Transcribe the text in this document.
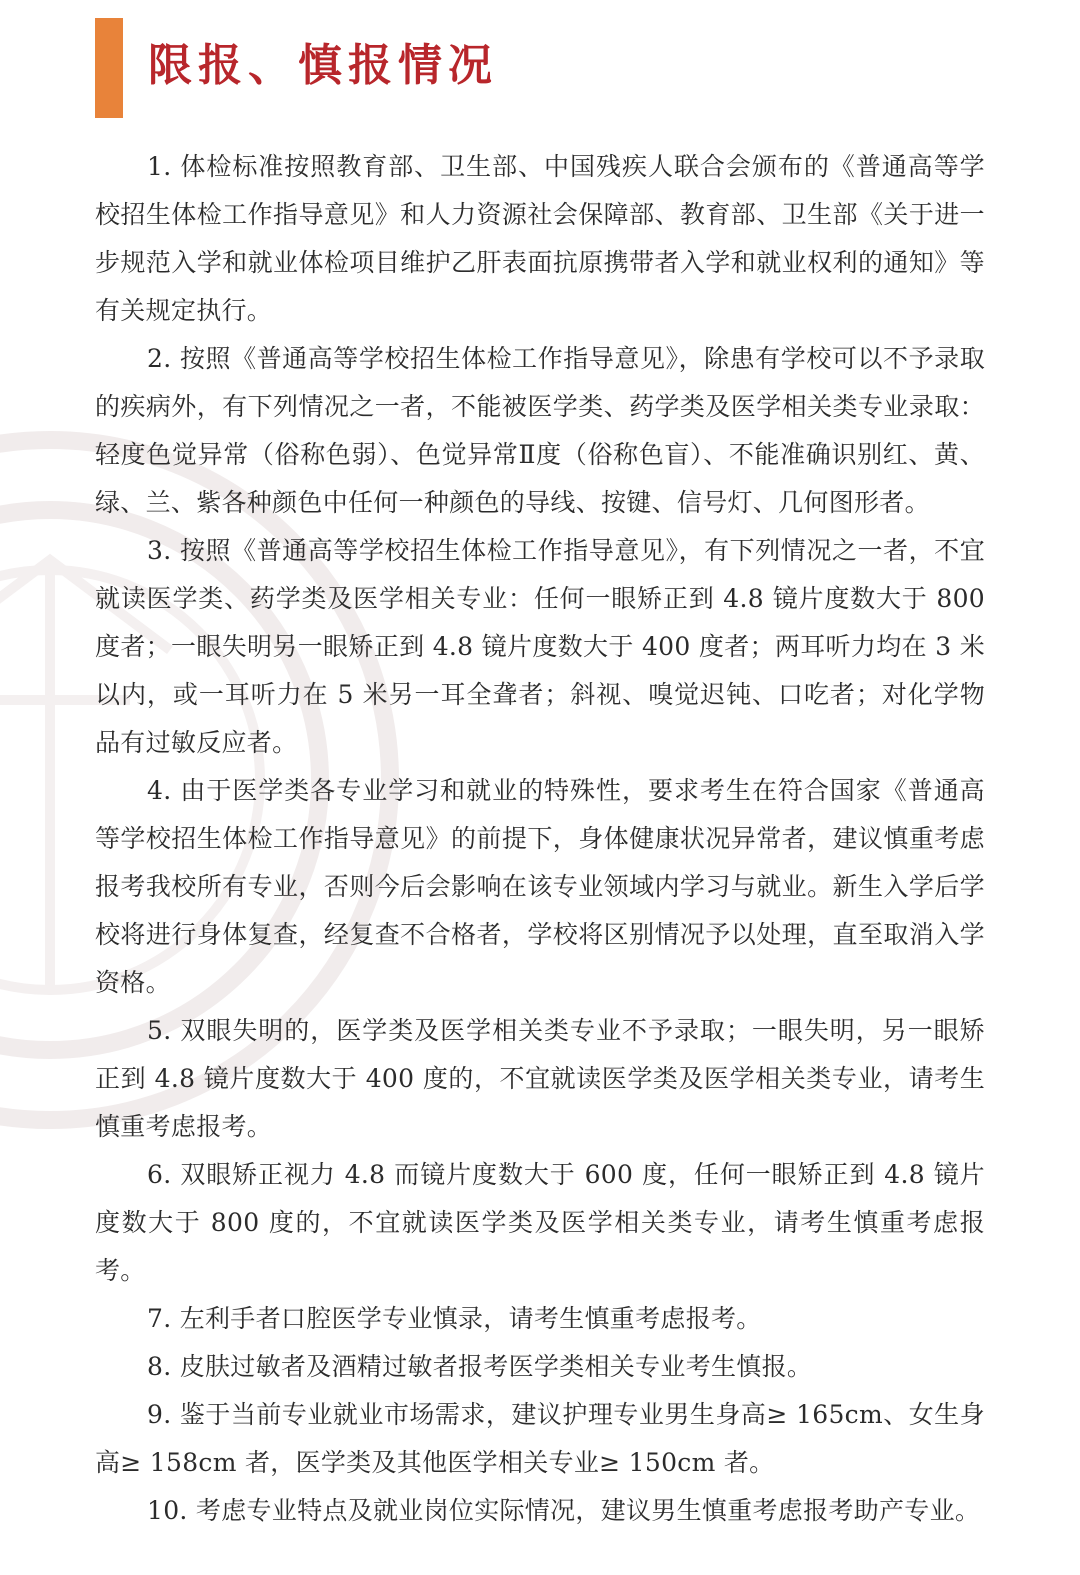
限报、慎报情况

1. 体检标准按照教育部、卫生部、中国残疾人联合会颁布的《普通高等学校招生体检工作指导意见》和人力资源社会保障部、教育部、卫生部《关于进一步规范入学和就业体检项目维护乙肝表面抗原携带者入学和就业权利的通知》等有关规定执行。

2. 按照《普通高等学校招生体检工作指导意见》，除患有学校可以不予录取的疾病外，有下列情况之一者，不能被医学类、药学类及医学相关类专业录取：轻度色觉异常（俗称色弱）、色觉异常Ⅱ度（俗称色盲）、不能准确识别红、黄、绿、兰、紫各种颜色中任何一种颜色的导线、按键、信号灯、几何图形者。

3. 按照《普通高等学校招生体检工作指导意见》，有下列情况之一者，不宜就读医学类、药学类及医学相关专业：任何一眼矫正到 4.8 镜片度数大于 800 度者；一眼失明另一眼矫正到 4.8 镜片度数大于 400 度者；两耳听力均在 3 米以内，或一耳听力在 5 米另一耳全聋者；斜视、嗅觉迟钝、口吃者；对化学物品有过敏反应者。

4. 由于医学类各专业学习和就业的特殊性，要求考生在符合国家《普通高等学校招生体检工作指导意见》的前提下，身体健康状况异常者，建议慎重考虑报考我校所有专业，否则今后会影响在该专业领域内学习与就业。新生入学后学校将进行身体复查，经复查不合格者，学校将区别情况予以处理，直至取消入学资格。

5. 双眼失明的，医学类及医学相关类专业不予录取；一眼失明，另一眼矫正到 4.8 镜片度数大于 400 度的，不宜就读医学类及医学相关类专业，请考生慎重考虑报考。

6. 双眼矫正视力 4.8 而镜片度数大于 600 度，任何一眼矫正到 4.8 镜片度数大于 800 度的，不宜就读医学类及医学相关类专业，请考生慎重考虑报考。

7. 左利手者口腔医学专业慎录，请考生慎重考虑报考。

8. 皮肤过敏者及酒精过敏者报考医学类相关专业考生慎报。

9. 鉴于当前专业就业市场需求，建议护理专业男生身高≥ 165cm、女生身高≥ 158cm 者，医学类及其他医学相关专业≥ 150cm 者。

10. 考虑专业特点及就业岗位实际情况，建议男生慎重考虑报考助产专业。
